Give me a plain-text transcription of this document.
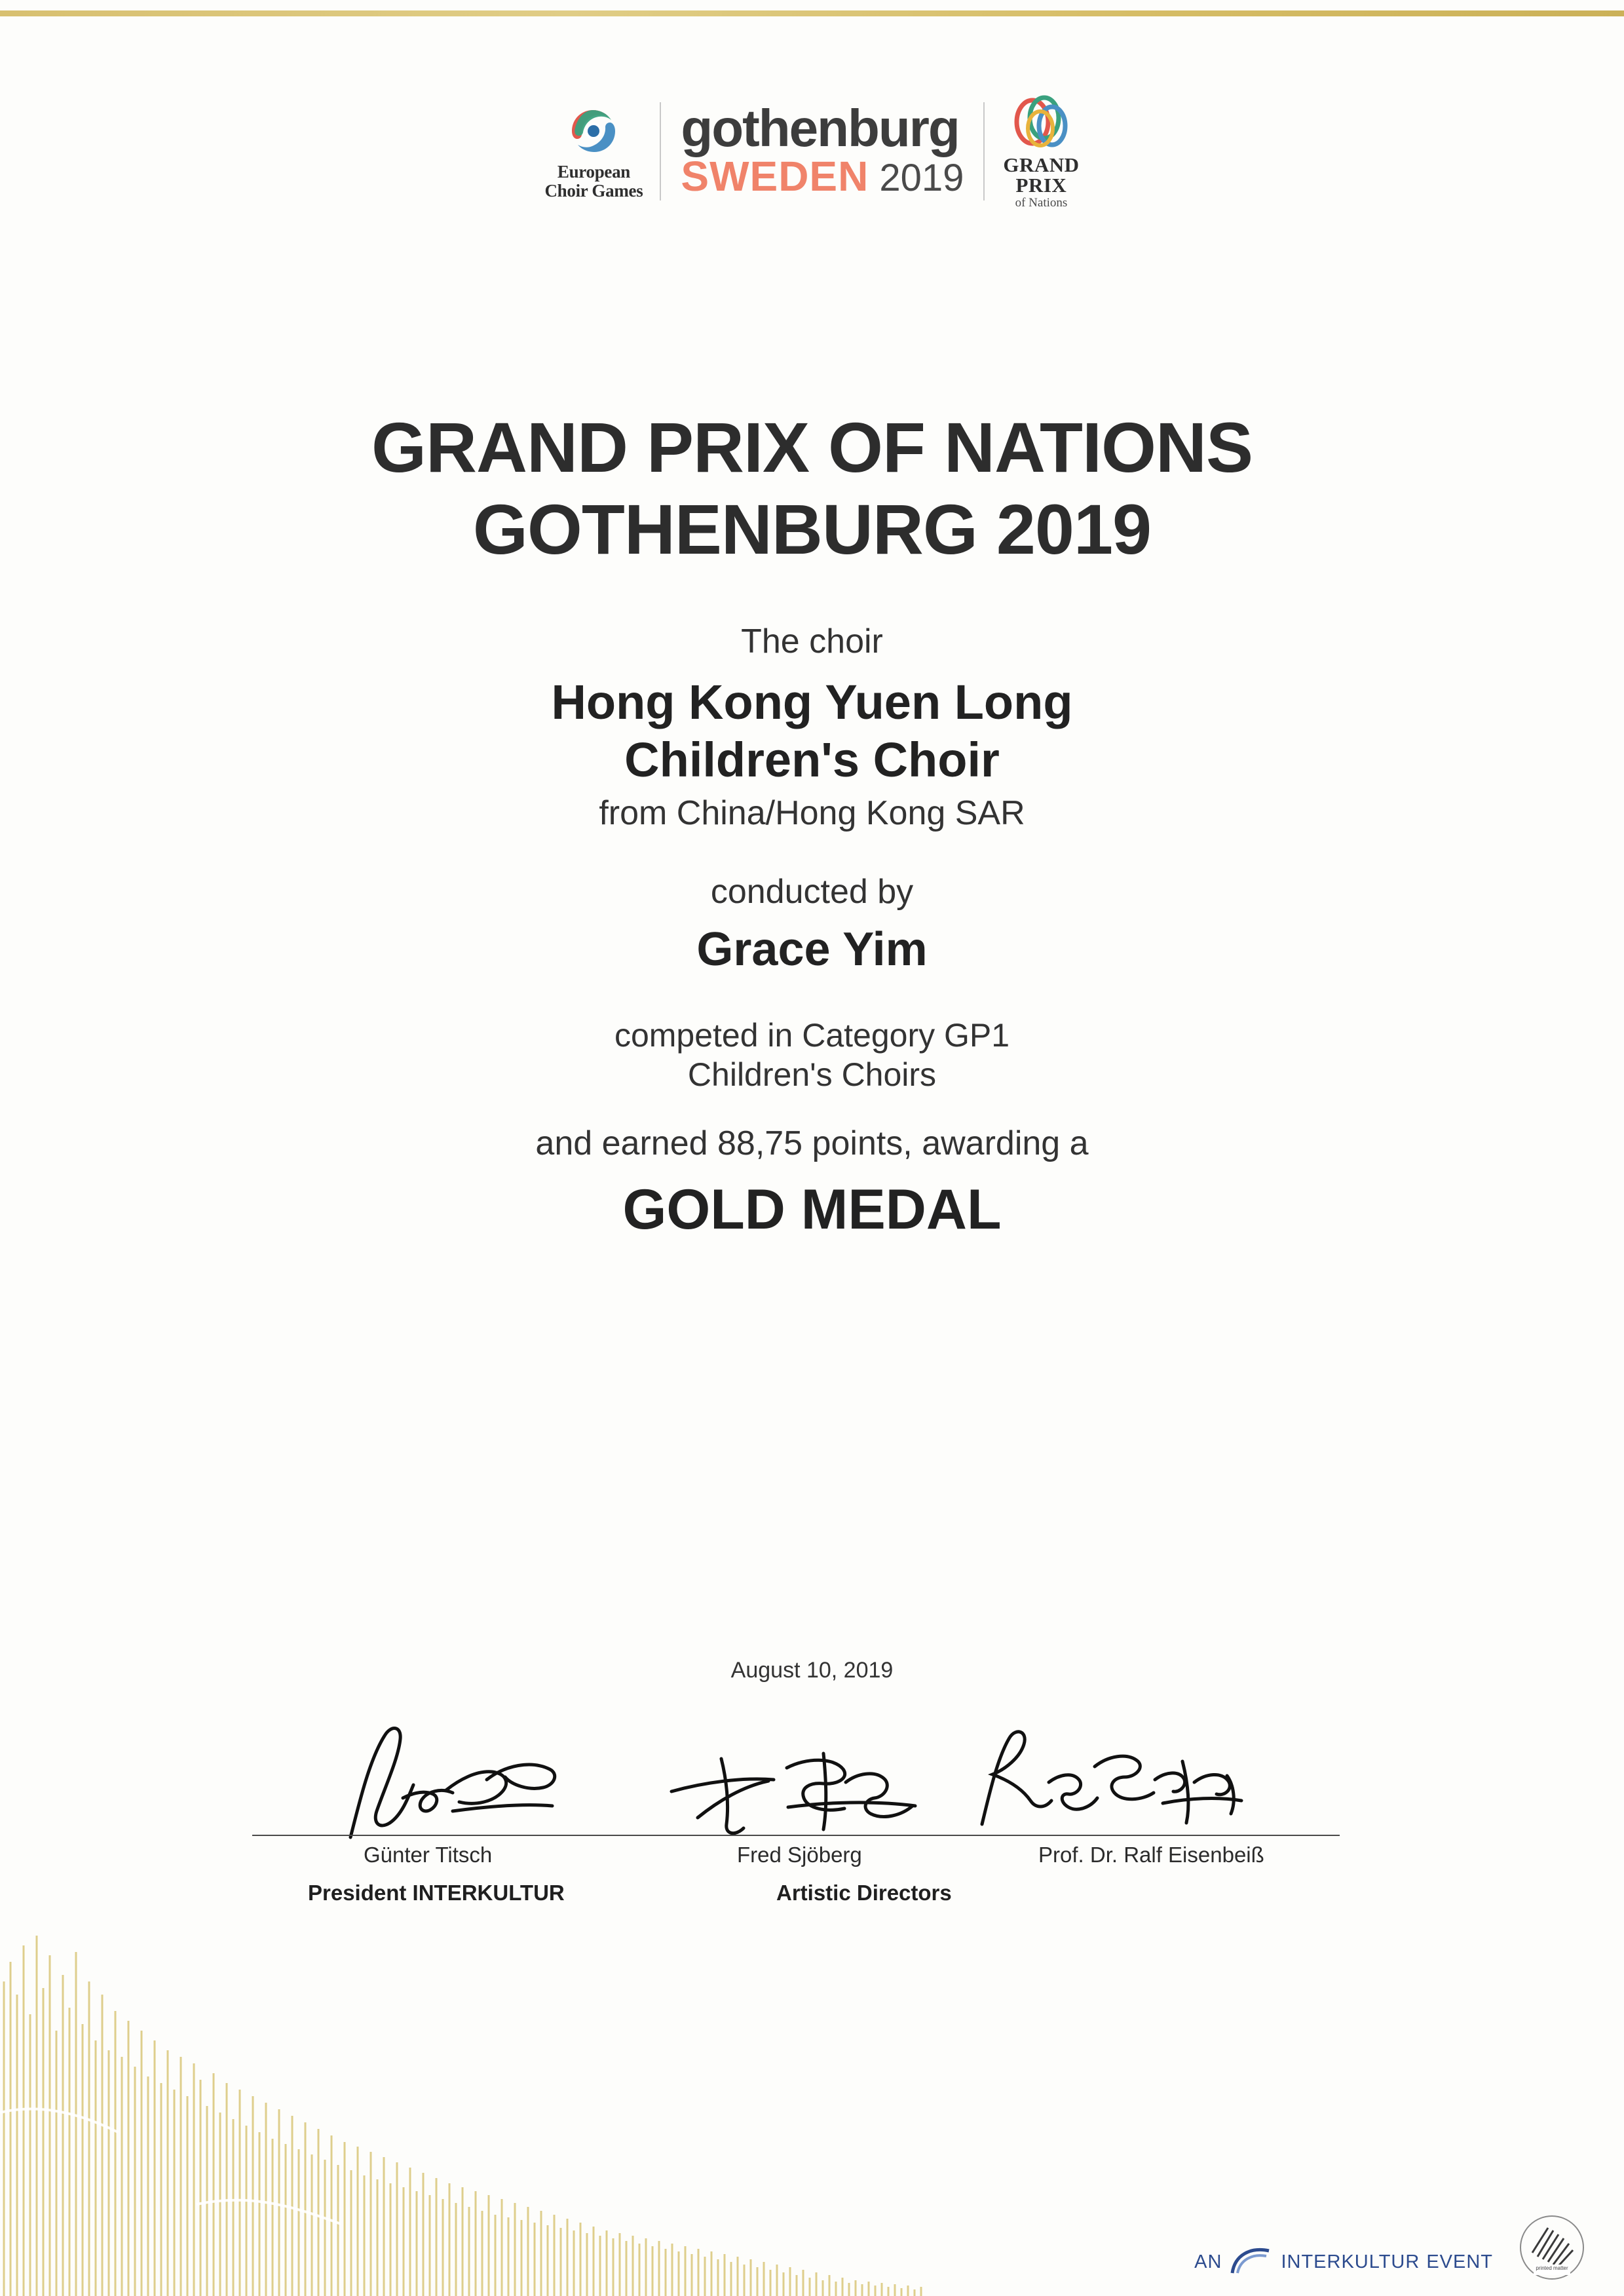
European
Choir Games
gothenburg
SWEDEN 2019 GRAND
PRIX
of Nations
GRAND PRIX OF NATIONS
GOTHENBURG 2019
The choir
Hong Kong Yuen Long
Children's Choir
from China/Hong Kong SAR
conducted by
Grace Yim
competed in Category GP1
Children's Choirs
and earned 88,75 points, awarding a
GOLD MEDAL
August 10, 2019
Günter Titsch	Fred Sjöberg	Prof. Dr. Ralf Eisenbeiß
President INTERKULTUR	Artistic Directors
AN	INTERKULTUR EVENT	printed matter
